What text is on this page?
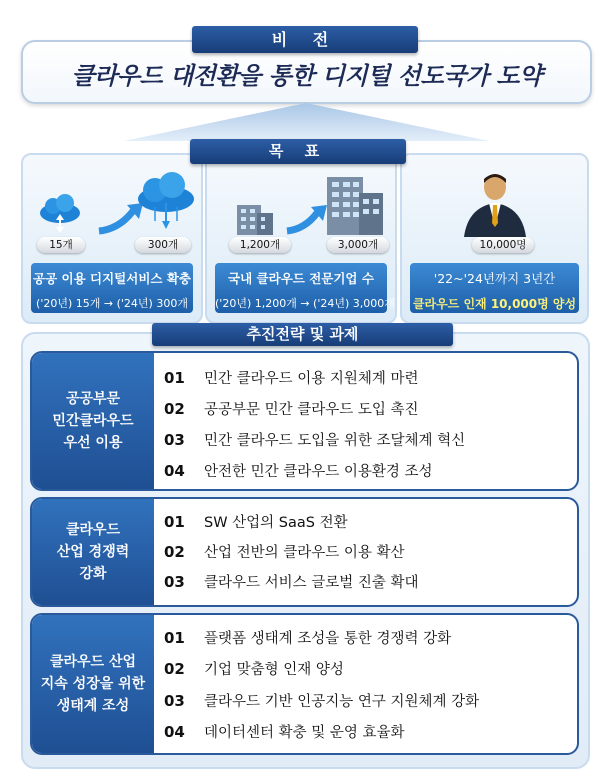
클라우드 대전환을 통한 디지털 선도국가 도약
비 전
목 표
15개	300개
공공 이용 디지털서비스 확충
('20년) 15개 → ('24년) 300개
1,200개	3,000개
국내 클라우드 전문기업 수
('20년) 1,200개 → ('24년) 3,000개
10,000명
'22~'24년까지 3년간
클라우드 인재 10,000명 양성
추진전략 및 과제
공공부문
민간클라우드
우선 이용
01 민간 클라우드 이용 지원체계 마련
02 공공부문 민간 클라우드 도입 촉진
03 민간 클라우드 도입을 위한 조달체계 혁신
04 안전한 민간 클라우드 이용환경 조성
클라우드
산업 경쟁력
강화
01 SW 산업의 SaaS 전환
02 산업 전반의 클라우드 이용 확산
03 클라우드 서비스 글로벌 진출 확대
클라우드 산업
지속 성장을 위한
생태계 조성
01 플랫폼 생태계 조성을 통한 경쟁력 강화
02 기업 맞춤형 인재 양성
03 클라우드 기반 인공지능 연구 지원체계 강화
04 데이터센터 확충 및 운영 효율화
